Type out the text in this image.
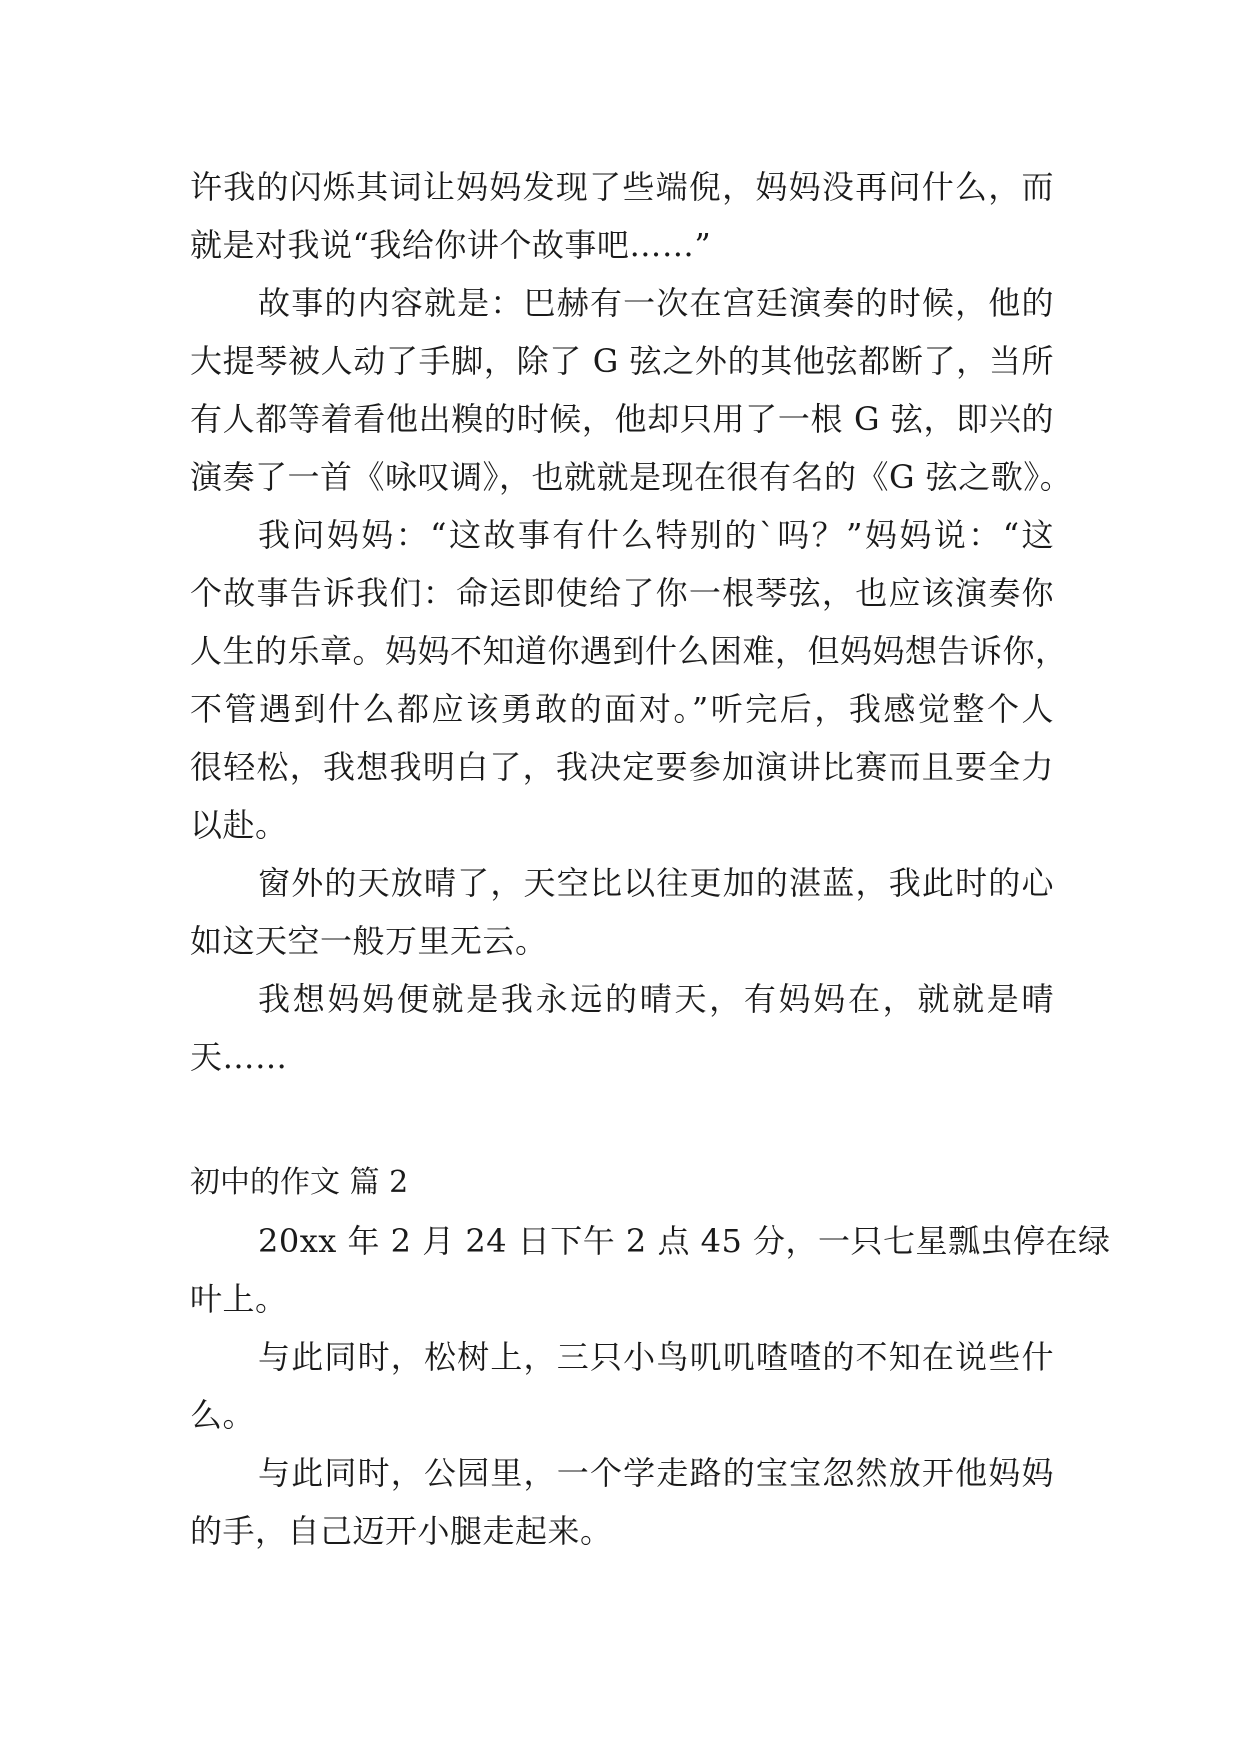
许我的闪烁其词让妈妈发现了些端倪，妈妈没再问什么，而
就是对我说“我给你讲个故事吧……”
故事的内容就是：巴赫有一次在宫廷演奏的时候，他的
大提琴被人动了手脚，除了 G 弦之外的其他弦都断了，当所
有人都等着看他出糗的时候，他却只用了一根 G 弦，即兴的
演奏了一首《咏叹调》，也就就是现在很有名的《G 弦之歌》。
我问妈妈：“这故事有什么特别的`吗？”妈妈说：“这
个故事告诉我们：命运即使给了你一根琴弦，也应该演奏你
人生的乐章。妈妈不知道你遇到什么困难，但妈妈想告诉你，
不管遇到什么都应该勇敢的面对。”听完后，我感觉整个人
很轻松，我想我明白了，我决定要参加演讲比赛而且要全力
以赴。
窗外的天放晴了，天空比以往更加的湛蓝，我此时的心
如这天空一般万里无云。
我想妈妈便就是我永远的晴天，有妈妈在，就就是晴
天……
初中的作文 篇 2
20xx 年 2 月 24 日下午 2 点 45 分，一只七星瓢虫停在绿
叶上。
与此同时，松树上，三只小鸟叽叽喳喳的不知在说些什
么。
与此同时，公园里，一个学走路的宝宝忽然放开他妈妈
的手，自己迈开小腿走起来。
